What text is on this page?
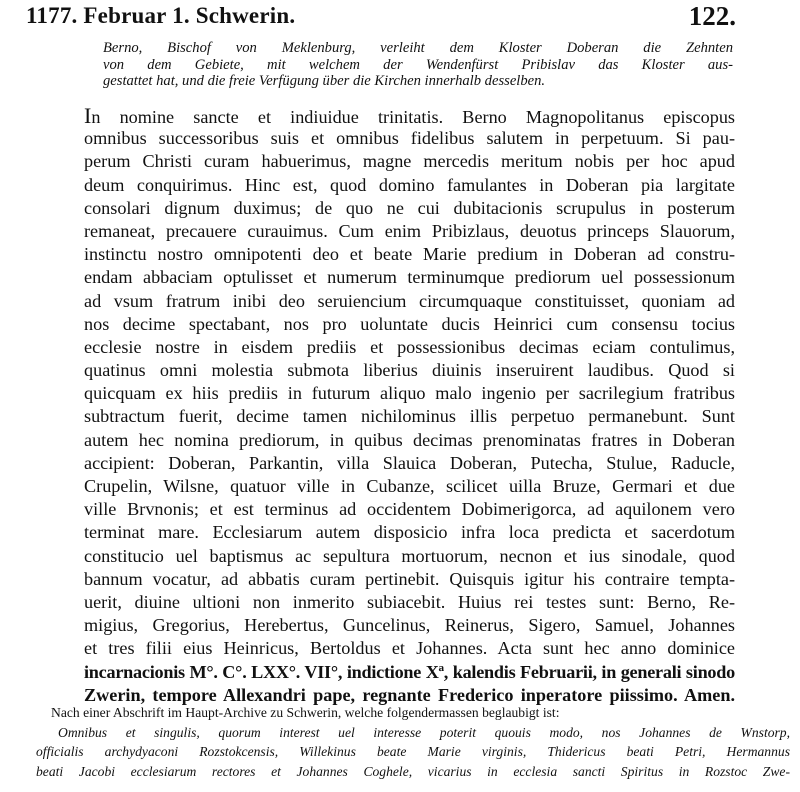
1177. Februar 1. Schwerin.	122.
Berno, Bischof von Meklenburg, verleiht dem Kloster Doberan die Zehnten
von dem Gebiete, mit welchem der Wendenfürst Pribislav das Kloster aus-
gestattet hat, und die freie Verfügung über die Kirchen innerhalb desselben.
In nomine sancte et indiuidue trinitatis. Berno Magnopolitanus episcopus
omnibus successoribus suis et omnibus fidelibus salutem in perpetuum. Si pau-
perum Christi curam habuerimus, magne mercedis meritum nobis per hoc apud
deum conquirimus. Hinc est, quod domino famulantes in Doberan pia largitate
consolari dignum duximus; de quo ne cui dubitacionis scrupulus in posterum
remaneat, precauere curauimus. Cum enim Pribizlaus, deuotus princeps Slauorum,
instinctu nostro omnipotenti deo et beate Marie predium in Doberan ad constru-
endam abbaciam optulisset et numerum terminumque prediorum uel possessionum
ad vsum fratrum inibi deo seruiencium circumquaque constituisset, quoniam ad
nos decime spectabant, nos pro uoluntate ducis Heinrici cum consensu tocius
ecclesie nostre in eisdem prediis et possessionibus decimas eciam contulimus,
quatinus omni molestia submota liberius diuinis inseruirent laudibus. Quod si
quicquam ex hiis prediis in futurum aliquo malo ingenio per sacrilegium fratribus
subtractum fuerit, decime tamen nichilominus illis perpetuo permanebunt. Sunt
autem hec nomina prediorum, in quibus decimas prenominatas fratres in Doberan
accipient: Doberan, Parkantin, villa Slauica Doberan, Putecha, Stulue, Raducle,
Crupelin, Wilsne, quatuor ville in Cubanze, scilicet uilla Bruze, Germari et due
ville Brvnonis; et est terminus ad occidentem Dobimerigorca, ad aquilonem vero
terminat mare. Ecclesiarum autem disposicio infra loca predicta et sacerdotum
constitucio uel baptismus ac sepultura mortuorum, necnon et ius sinodale, quod
bannum vocatur, ad abbatis curam pertinebit. Quisquis igitur his contraire tempta-
uerit, diuine ultioni non inmerito subiacebit. Huius rei testes sunt: Berno, Re-
migius, Gregorius, Herebertus, Guncelinus, Reinerus, Sigero, Samuel, Johannes
et tres filii eius Heinricus, Bertoldus et Johannes. Acta sunt hec anno dominice
incarnacionis M°. C°. LXX°. VII°, indictione Xª, kalendis Februarii, in generali sinodo
Zwerin, tempore Allexandri pape, regnante Frederico inperatore piissimo. Amen.
Nach einer Abschrift im Haupt-Archive zu Schwerin, welche folgendermassen beglaubigt ist:
Omnibus et singulis, quorum interest uel interesse poterit quouis modo, nos Johannes de Wnstorp,
officialis archydyaconi Rozstokcensis, Willekinus beate Marie virginis, Thidericus beati Petri, Hermannus
beati Jacobi ecclesiarum rectores et Johannes Coghele, vicarius in ecclesia sancti Spiritus in Rozstoc Zwe-
